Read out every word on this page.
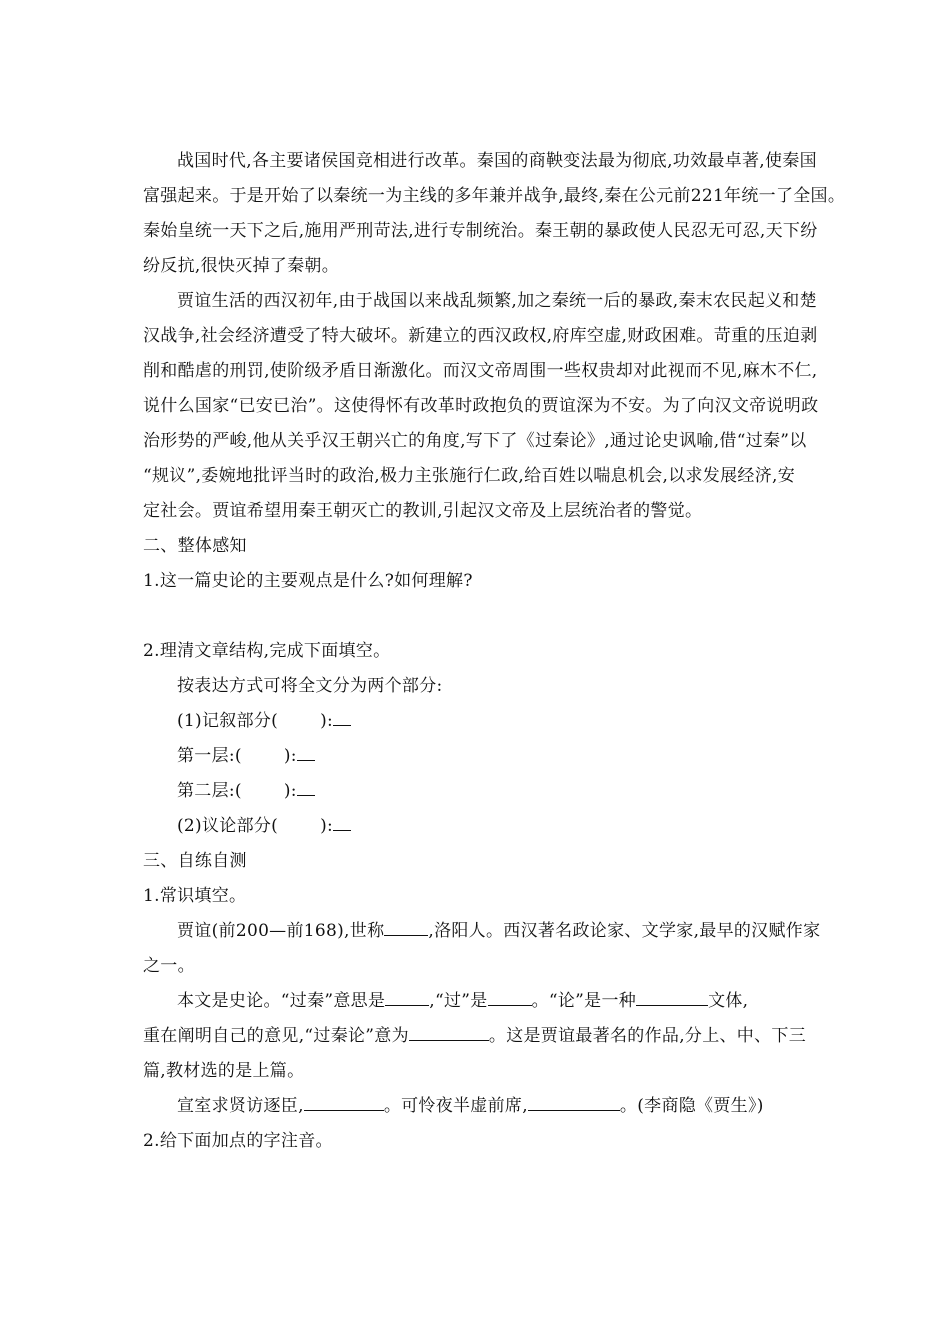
战国时代,各主要诸侯国竞相进行改革。秦国的商鞅变法最为彻底,功效最卓著,使秦国
富强起来。于是开始了以秦统一为主线的多年兼并战争,最终,秦在公元前221年统一了全国。
秦始皇统一天下之后,施用严刑苛法,进行专制统治。秦王朝的暴政使人民忍无可忍,天下纷
纷反抗,很快灭掉了秦朝。
贾谊生活的西汉初年,由于战国以来战乱频繁,加之秦统一后的暴政,秦末农民起义和楚
汉战争,社会经济遭受了特大破坏。新建立的西汉政权,府库空虚,财政困难。苛重的压迫剥
削和酷虐的刑罚,使阶级矛盾日渐激化。而汉文帝周围一些权贵却对此视而不见,麻木不仁,
说什么国家“已安已治”。这使得怀有改革时政抱负的贾谊深为不安。为了向汉文帝说明政
治形势的严峻,他从关乎汉王朝兴亡的角度,写下了《过秦论》,通过论史讽喻,借“过秦”以
“规议”,委婉地批评当时的政治,极力主张施行仁政,给百姓以喘息机会,以求发展经济,安
定社会。贾谊希望用秦王朝灭亡的教训,引起汉文帝及上层统治者的警觉。
二、整体感知
1.这一篇史论的主要观点是什么?如何理解?
2.理清文章结构,完成下面填空。
按表达方式可将全文分为两个部分:
(1)记叙部分( ):
第一层:( ):
第二层:( ):
(2)议论部分( ):
三、自练自测
1.常识填空。
贾谊(前200—前168),世称	,洛阳人。西汉著名政论家、文学家,最早的汉赋作家
之一。
本文是史论。“过秦”意思是	,“过”是	。“论”是一种	文体,
重在阐明自己的意见,“过秦论”意为	。这是贾谊最著名的作品,分上、中、下三
篇,教材选的是上篇。
宣室求贤访逐臣,	。可怜夜半虚前席,	。(李商隐《贾生》)
2.给下面加点的字注音。
